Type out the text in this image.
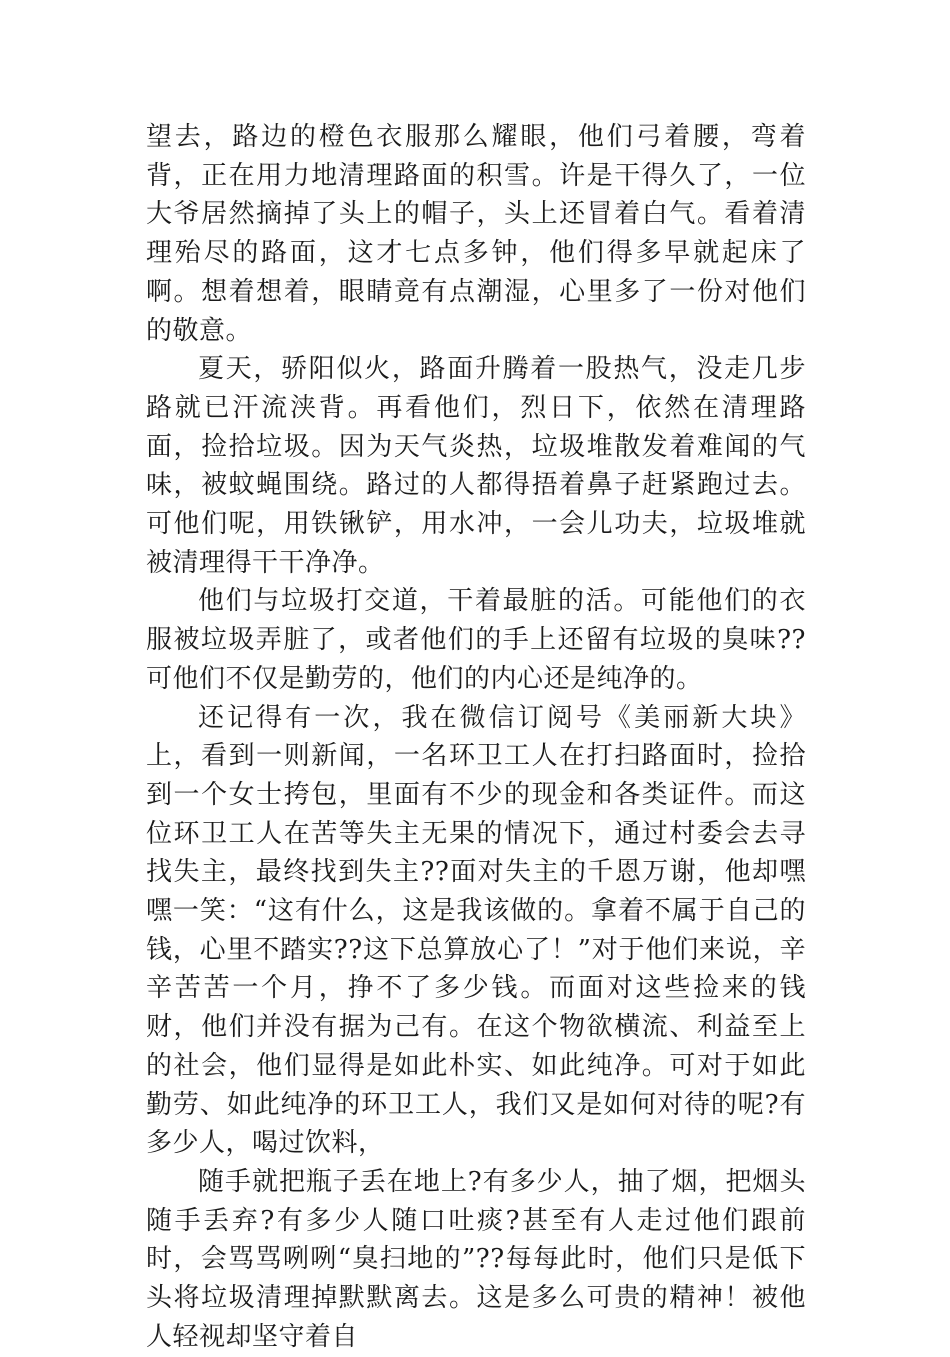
望去，路边的橙色衣服那么耀眼，他们弓着腰，弯着背，正在用力地清理路面的积雪。许是干得久了，一位大爷居然摘掉了头上的帽子，头上还冒着白气。看着清理殆尽的路面，这才七点多钟，他们得多早就起床了啊。想着想着，眼睛竟有点潮湿，心里多了一份对他们的敬意。

夏天，骄阳似火，路面升腾着一股热气，没走几步路就已汗流浃背。再看他们，烈日下，依然在清理路面，捡拾垃圾。因为天气炎热，垃圾堆散发着难闻的气味，被蚊蝇围绕。路过的人都得捂着鼻子赶紧跑过去。可他们呢，用铁锹铲，用水冲，一会儿功夫，垃圾堆就被清理得干干净净。

他们与垃圾打交道，干着最脏的活。可能他们的衣服被垃圾弄脏了，或者他们的手上还留有垃圾的臭味??可他们不仅是勤劳的，他们的内心还是纯净的。

还记得有一次，我在微信订阅号《美丽新大块》上，看到一则新闻，一名环卫工人在打扫路面时，捡拾到一个女士挎包，里面有不少的现金和各类证件。而这位环卫工人在苦等失主无果的情况下，通过村委会去寻找失主，最终找到失主??面对失主的千恩万谢，他却嘿嘿一笑：“这有什么，这是我该做的。拿着不属于自己的钱，心里不踏实??这下总算放心了！”对于他们来说，辛辛苦苦一个月，挣不了多少钱。而面对这些捡来的钱财，他们并没有据为己有。在这个物欲横流、利益至上的社会，他们显得是如此朴实、如此纯净。可对于如此勤劳、如此纯净的环卫工人，我们又是如何对待的呢?有多少人，喝过饮料，

随手就把瓶子丢在地上?有多少人，抽了烟，把烟头随手丢弃?有多少人随口吐痰?甚至有人走过他们跟前时，会骂骂咧咧“臭扫地的”??每每此时，他们只是低下头将垃圾清理掉默默离去。这是多么可贵的精神！被他人轻视却坚守着自
